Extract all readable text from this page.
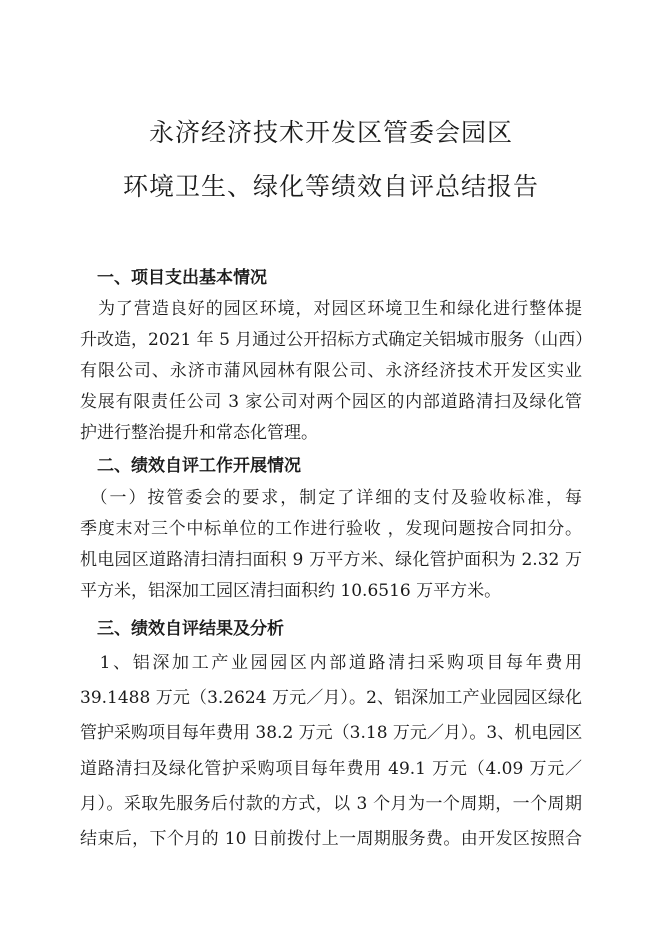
永济经济技术开发区管委会园区
环境卫生、绿化等绩效自评总结报告
　一、项目支出基本情况
　为了营造良好的园区环境，对园区环境卫生和绿化进行整体提
升改造，2021 年 5 月通过公开招标方式确定关铝城市服务（山西）
有限公司、永济市蒲风园林有限公司、永济经济技术开发区实业
发展有限责任公司 3 家公司对两个园区的内部道路清扫及绿化管
护进行整治提升和常态化管理。
　二、绩效自评工作开展情况
　（一）按管委会的要求，制定了详细的支付及验收标准，每
季度末对三个中标单位的工作进行验收 ，发现问题按合同扣分。
机电园区道路清扫清扫面积 9 万平方米、绿化管护面积为 2.32 万
平方米，铝深加工园区清扫面积约 10.6516 万平方米。
　三、绩效自评结果及分析
　1、铝深加工产业园园区内部道路清扫采购项目每年费用
39.1488 万元（3.2624 万元／月）。2、铝深加工产业园园区绿化
管护采购项目每年费用 38.2 万元（3.18 万元／月）。3、机电园区
道路清扫及绿化管护采购项目每年费用 49.1 万元（4.09 万元／
月）。采取先服务后付款的方式，以 3 个月为一个周期，一个周期
结束后，下个月的 10 日前拨付上一周期服务费。由开发区按照合
